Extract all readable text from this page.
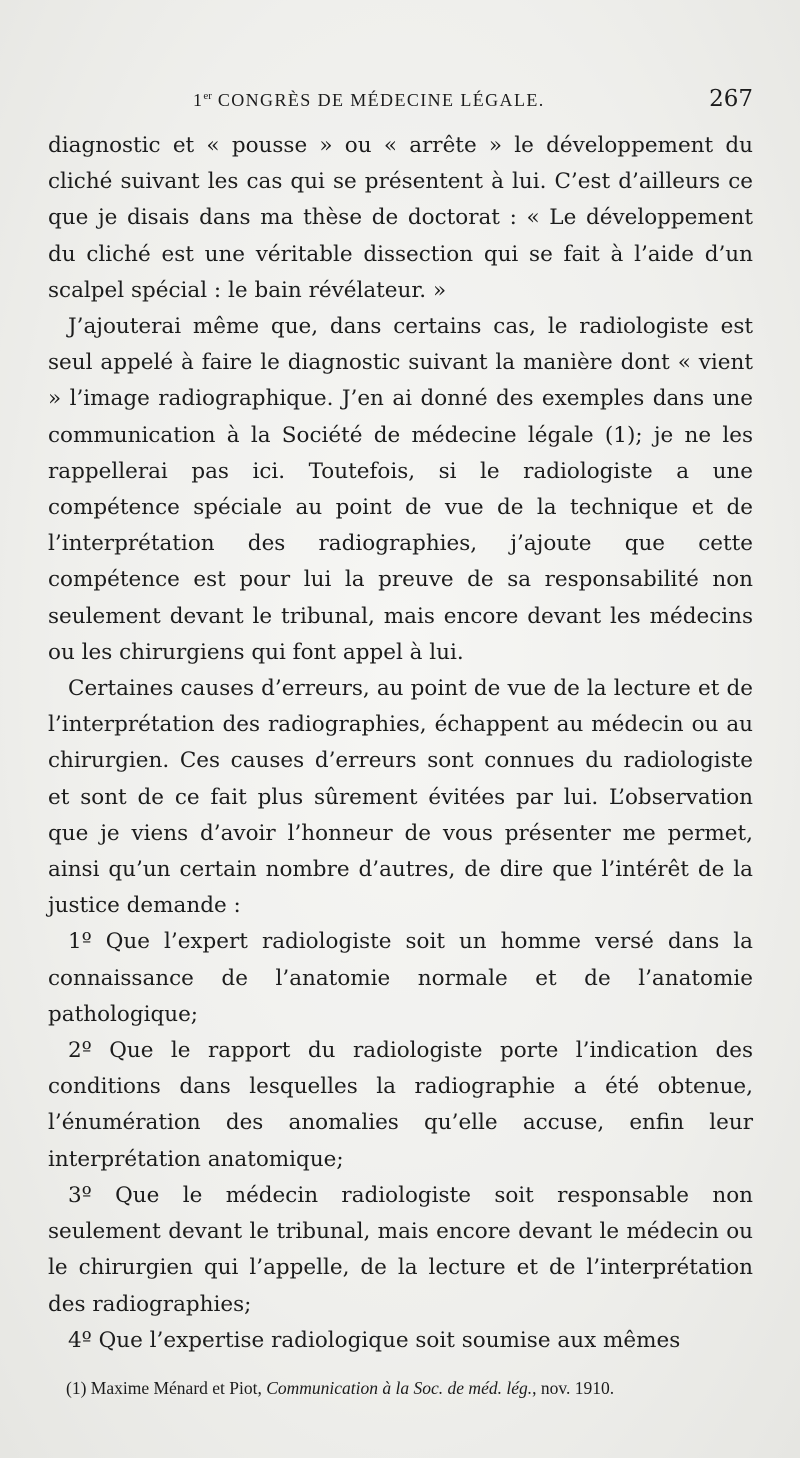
1er CONGRÈS DE MÉDECINE LÉGALE.	267

diagnostic et « pousse » ou « arrête » le développement du cliché suivant les cas qui se présentent à lui. C’est d’ailleurs ce que je disais dans ma thèse de doctorat : « Le développement du cliché est une véritable dissection qui se fait à l’aide d’un scalpel spécial : le bain révélateur. »

J’ajouterai même que, dans certains cas, le radiologiste est seul appelé à faire le diagnostic suivant la manière dont « vient » l’image radiographique. J’en ai donné des exemples dans une communication à la Société de médecine légale (1); je ne les rappellerai pas ici. Toutefois, si le radiologiste a une compétence spéciale au point de vue de la technique et de l’interprétation des radiographies, j’ajoute que cette compétence est pour lui la preuve de sa responsabilité non seulement devant le tribunal, mais encore devant les médecins ou les chirurgiens qui font appel à lui.

Certaines causes d’erreurs, au point de vue de la lecture et de l’interprétation des radiographies, échappent au médecin ou au chirurgien. Ces causes d’erreurs sont connues du radiologiste et sont de ce fait plus sûrement évitées par lui. L’observation que je viens d’avoir l’honneur de vous présenter me permet, ainsi qu’un certain nombre d’autres, de dire que l’intérêt de la justice demande :

1º Que l’expert radiologiste soit un homme versé dans la connaissance de l’anatomie normale et de l’anatomie pathologique;

2º Que le rapport du radiologiste porte l’indication des conditions dans lesquelles la radiographie a été obtenue, l’énumération des anomalies qu’elle accuse, enfin leur interprétation anatomique;

3º Que le médecin radiologiste soit responsable non seulement devant le tribunal, mais encore devant le médecin ou le chirurgien qui l’appelle, de la lecture et de l’interprétation des radiographies;

4º Que l’expertise radiologique soit soumise aux mêmes

(1) Maxime Ménard et Piot, Communication à la Soc. de méd. lég., nov. 1910.
